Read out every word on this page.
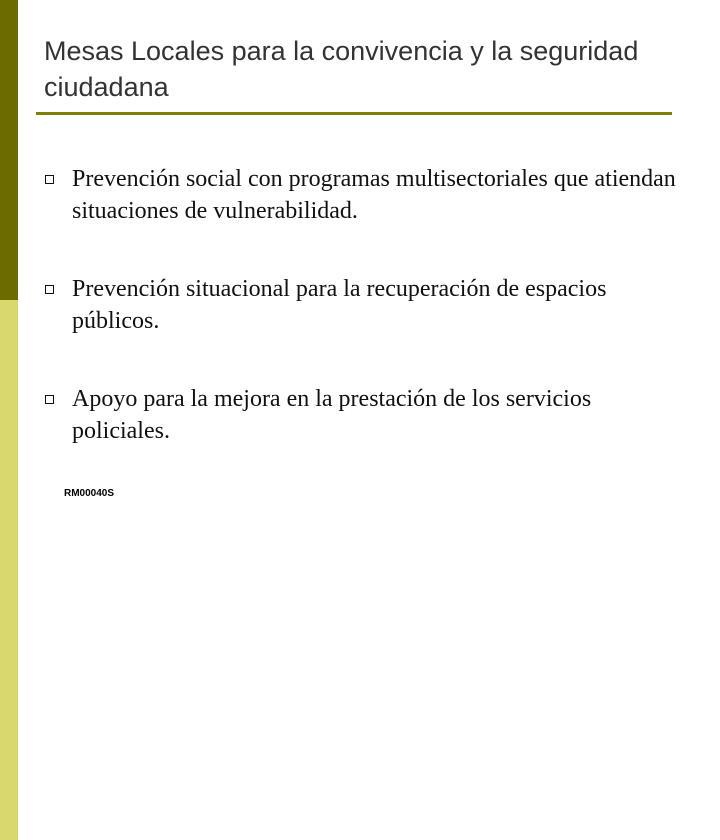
Mesas Locales para la convivencia y la seguridad ciudadana
Prevención social con programas multisectoriales que atiendan situaciones de vulnerabilidad.
Prevención situacional para la recuperación de espacios públicos.
Apoyo para la mejora en la prestación de los servicios policiales.
RM00040S
